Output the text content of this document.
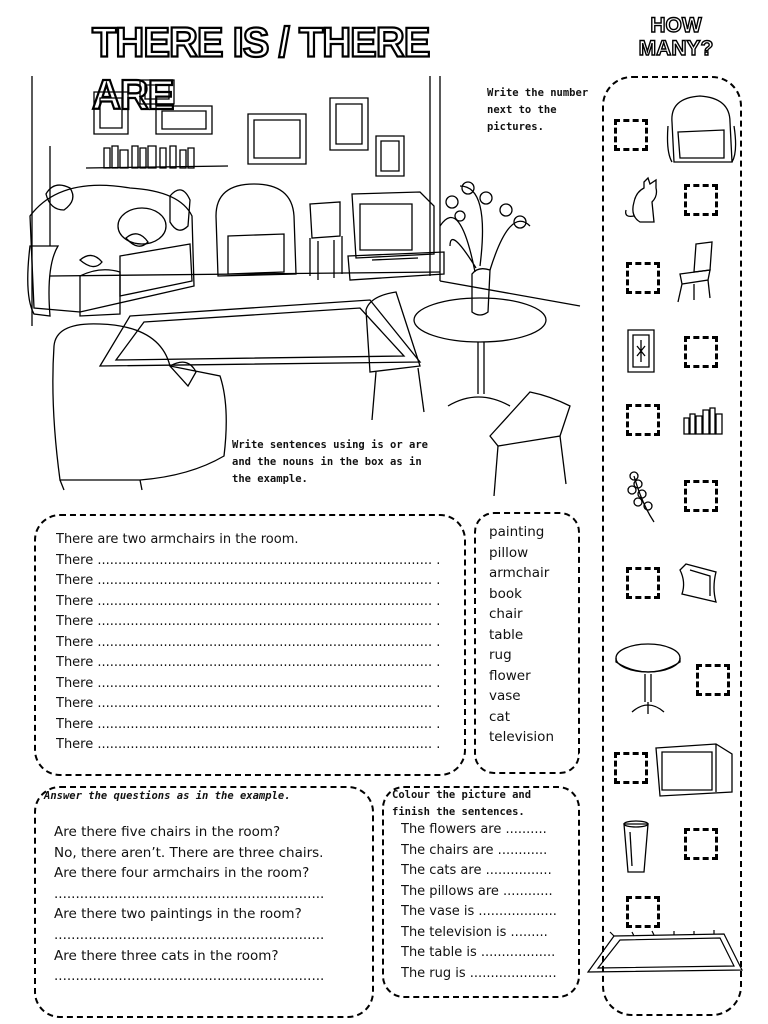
THERE IS / THERE ARE
HOW
MANY?
Write the number
next to the
pictures.
Write sentences using is or are
and the nouns in the box as in
the example.
There are two armchairs in the room.
There ................................................................................. .
There ................................................................................. .
There ................................................................................. .
There ................................................................................. .
There ................................................................................. .
There ................................................................................. .
There ................................................................................. .
There ................................................................................. .
There ................................................................................. .
There ................................................................................. .
painting
pillow
armchair
book
chair
table
rug
flower
vase
cat
television
Answer the questions as in the example.
Are there five chairs in the room?
No, there aren’t. There are three chairs.
Are there four armchairs in the room?
...............................................................
Are there two paintings in the room?
...............................................................
Are there three cats in the room?
...............................................................
Colour the picture and
finish the sentences.
The flowers are ..........
The chairs are ............
The cats are ................
The pillows are ............
The vase is ...................
The television is .........
The table is ..................
The rug is .....................
